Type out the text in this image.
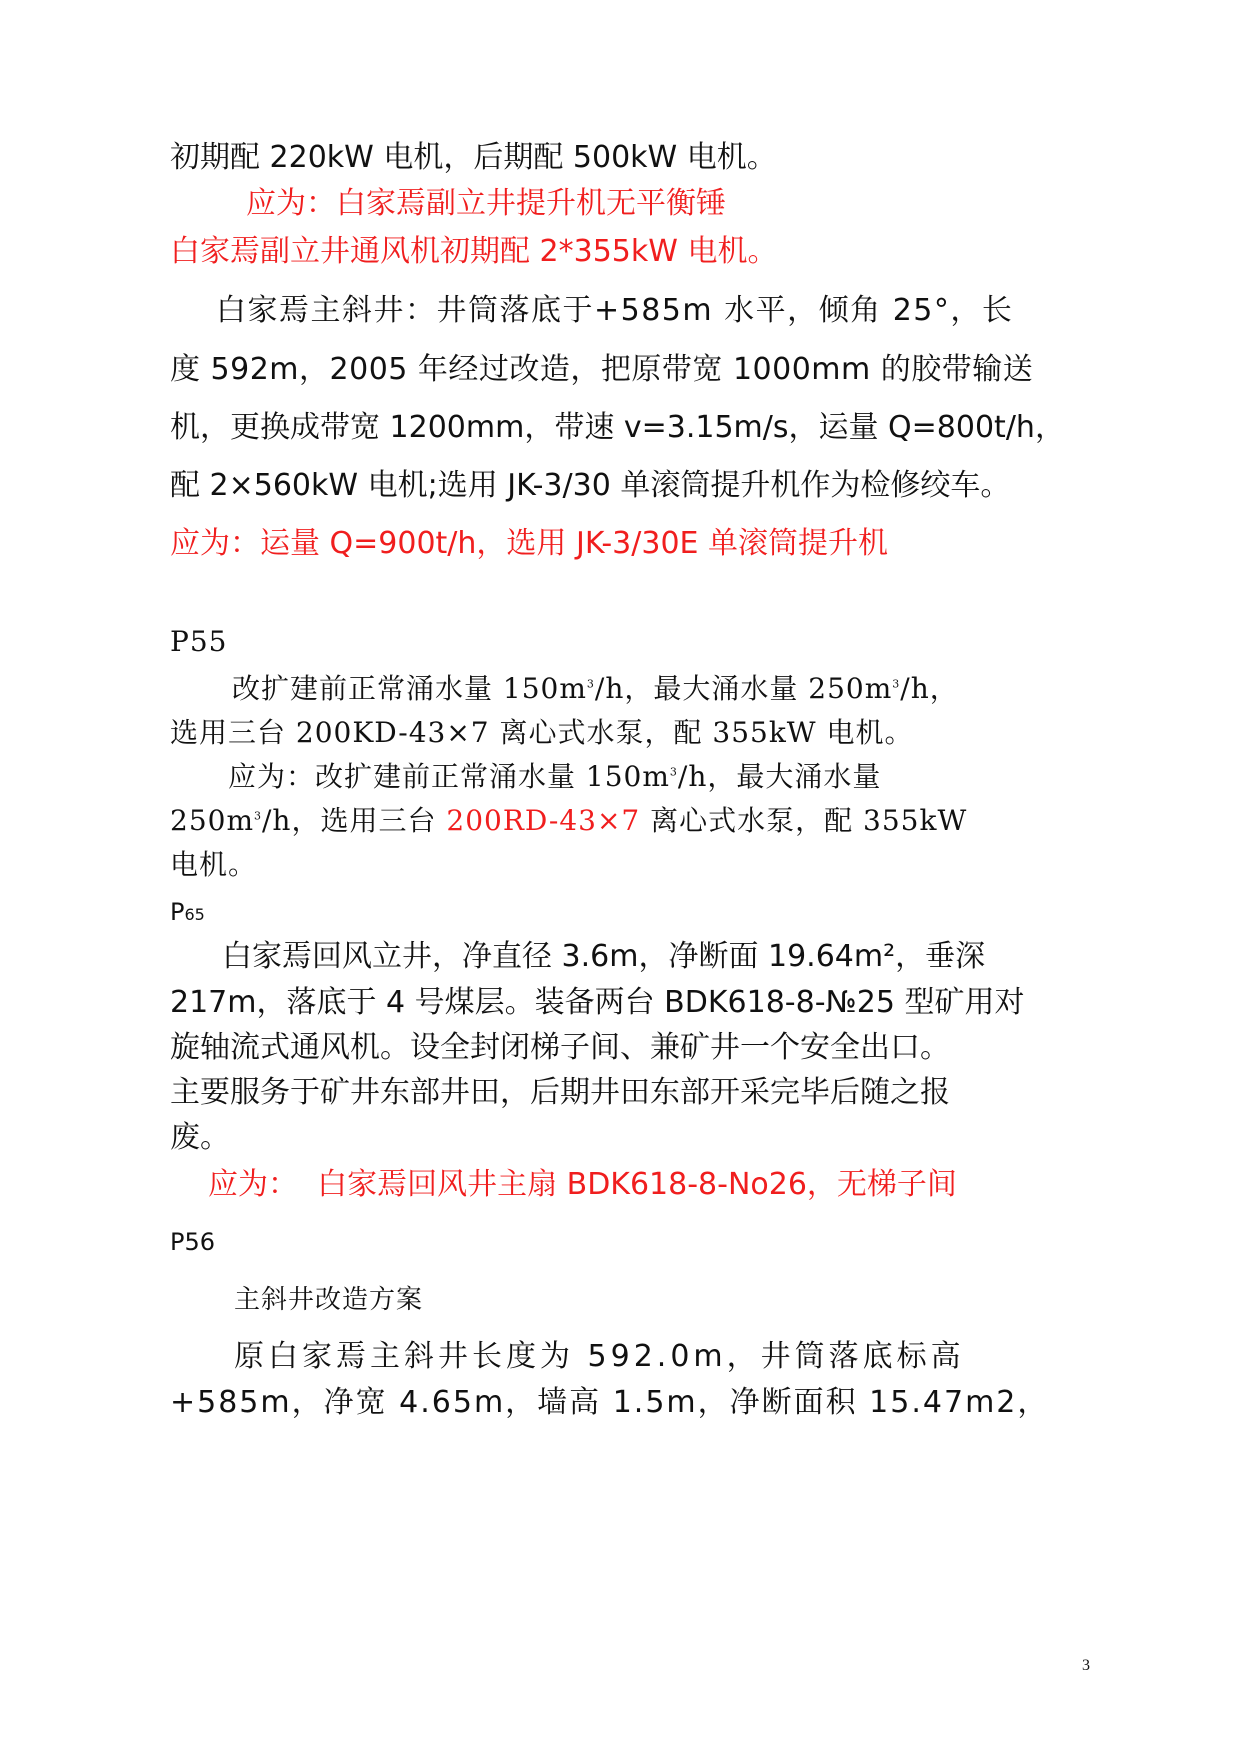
初期配 220kW 电机，后期配 500kW 电机。
应为：白家焉副立井提升机无平衡锤
白家焉副立井通风机初期配 2*355kW 电机。
白家焉主斜井：井筒落底于+585m 水平，倾角 25°，长
度 592m，2005 年经过改造，把原带宽 1000mm 的胶带输送
机，更换成带宽 1200mm，带速 v=3.15m/s，运量 Q=800t/h，
配 2×560kW 电机;选用 JK-3/30 单滚筒提升机作为检修绞车。
应为：运量 Q=900t/h，选用 JK-3/30E 单滚筒提升机
P55
改扩建前正常涌水量 $150m^3/h$，最大涌水量 $250m^3/h$，
选用三台 200KD-43×7 离心式水泵，配 355kW 电机。
应为：改扩建前正常涌水量 $150m^3/h$，最大涌水量
$250m^3/h$，选用三台 200RD-43×7 离心式水泵，配 355kW
电机。
P65
白家焉回风立井，净直径 3.6m，净断面 19.64m²，垂深
217m，落底于 4 号煤层。装备两台 BDK618-8-№25 型矿用对
旋轴流式通风机。设全封闭梯子间、兼矿井一个安全出口。
主要服务于矿井东部井田，后期井田东部开采完毕后随之报
废。
应为：  白家焉回风井主扇 BDK618-8-No26，无梯子间
P56
主斜井改造方案
原白家焉主斜井长度为 592.0m，井筒落底标高
+585m，净宽 4.65m，墙高 1.5m，净断面积 15.47m2，
3
